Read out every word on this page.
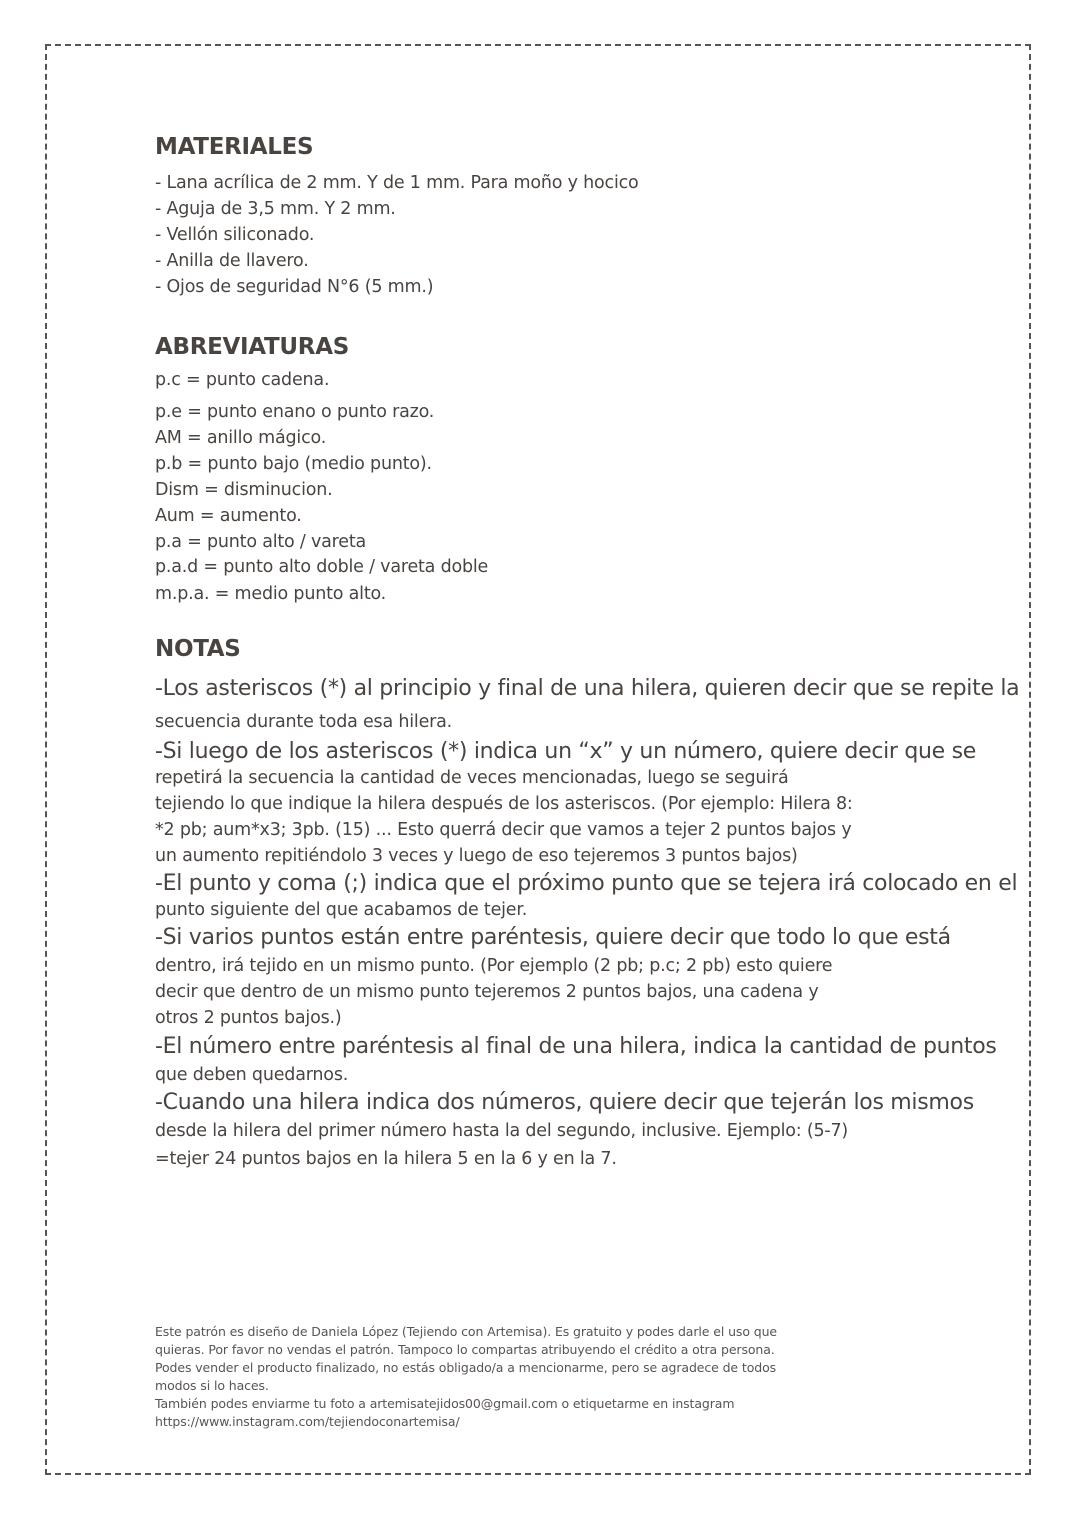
MATERIALES

- Lana acrílica de 2 mm. Y de 1 mm. Para moño y hocico

- Aguja de 3,5 mm. Y 2 mm.

- Vellón siliconado.

- Anilla de llavero.

- Ojos de seguridad N°6 (5 mm.)

ABREVIATURAS

p.c = punto cadena.

p.e = punto enano o punto razo.

AM = anillo mágico.

p.b = punto bajo (medio punto).

Dism = disminucion.

Aum = aumento.

p.a = punto alto / vareta

p.a.d = punto alto doble / vareta doble

m.p.a. = medio punto alto.

NOTAS

-Los asteriscos (*) al principio y final de una hilera, quieren decir que se repite la

secuencia durante toda esa hilera.

-Si luego de los asteriscos (*) indica un “x” y un número, quiere decir que se

repetirá la secuencia la cantidad de veces mencionadas, luego se seguirá

tejiendo lo que indique la hilera después de los asteriscos. (Por ejemplo: Hilera 8:

*2 pb; aum*x3; 3pb. (15) ... Esto querrá decir que vamos a tejer 2 puntos bajos y

un aumento repitiéndolo 3 veces y luego de eso tejeremos 3 puntos bajos)

-El punto y coma (;) indica que el próximo punto que se tejera irá colocado en el

punto siguiente del que acabamos de tejer.

-Si varios puntos están entre paréntesis, quiere decir que todo lo que está

dentro, irá tejido en un mismo punto. (Por ejemplo (2 pb; p.c; 2 pb) esto quiere

decir que dentro de un mismo punto tejeremos 2 puntos bajos, una cadena y

otros 2 puntos bajos.)

-El número entre paréntesis al final de una hilera, indica la cantidad de puntos

que deben quedarnos.

-Cuando una hilera indica dos números, quiere decir que tejerán los mismos

desde la hilera del primer número hasta la del segundo, inclusive. Ejemplo: (5-7)

=tejer 24 puntos bajos en la hilera 5 en la 6 y en la 7.

Este patrón es diseño de Daniela López (Tejiendo con Artemisa). Es gratuito y podes darle el uso que

quieras. Por favor no vendas el patrón. Tampoco lo compartas atribuyendo el crédito a otra persona.

Podes vender el producto finalizado, no estás obligado/a a mencionarme, pero se agradece de todos

modos si lo haces.

También podes enviarme tu foto a artemisatejidos00@gmail.com o etiquetarme en instagram

https://www.instagram.com/tejiendoconartemisa/
